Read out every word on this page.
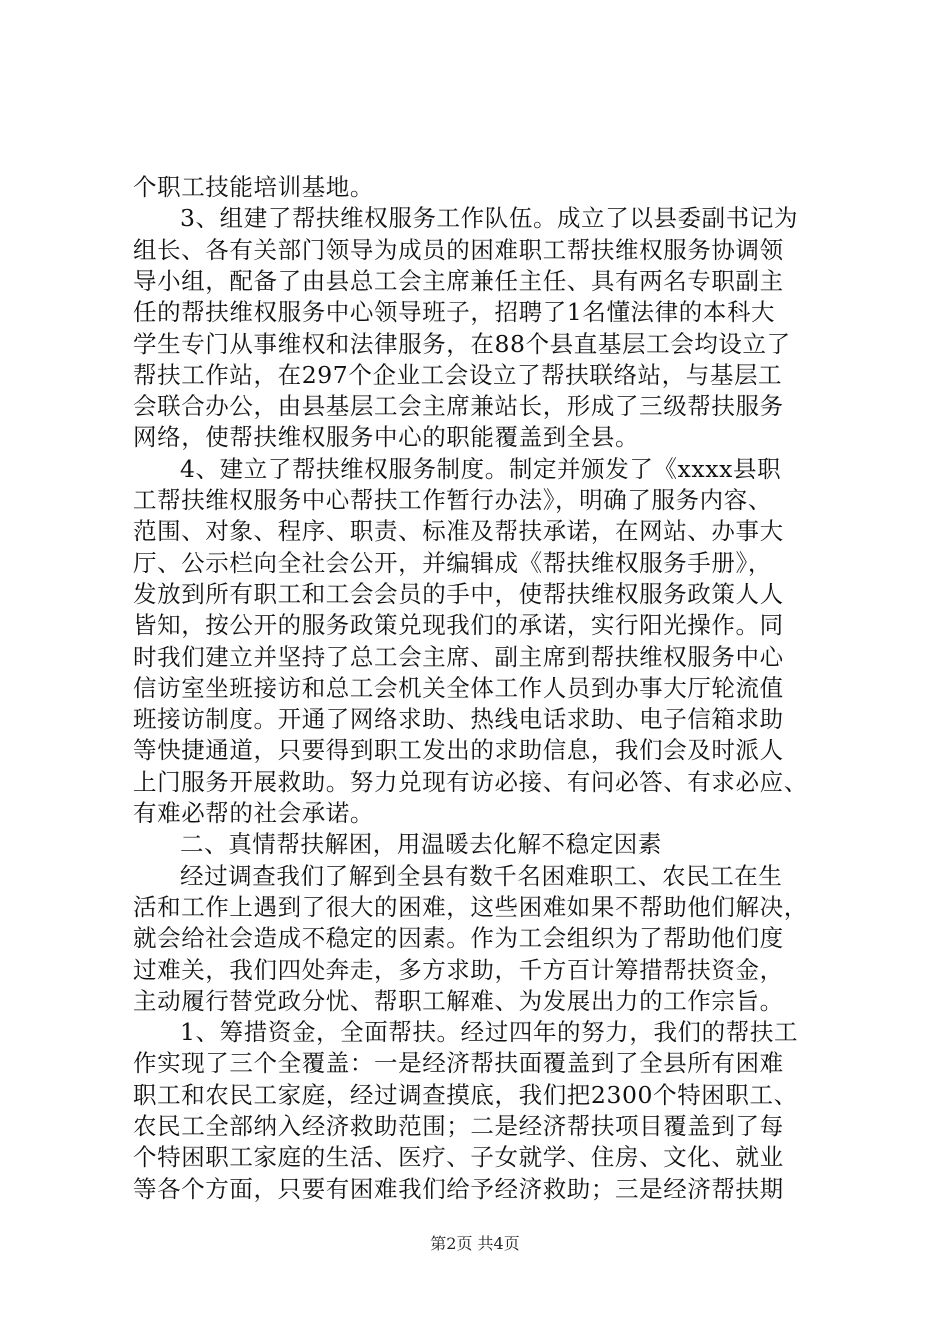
个职工技能培训基地。
3、组建了帮扶维权服务工作队伍。成立了以县委副书记为
组长、各有关部门领导为成员的困难职工帮扶维权服务协调领
导小组，配备了由县总工会主席兼任主任、具有两名专职副主
任的帮扶维权服务中心领导班子，招聘了1名懂法律的本科大
学生专门从事维权和法律服务，在88个县直基层工会均设立了
帮扶工作站，在297个企业工会设立了帮扶联络站，与基层工
会联合办公，由县基层工会主席兼站长，形成了三级帮扶服务
网络，使帮扶维权服务中心的职能覆盖到全县。
4、建立了帮扶维权服务制度。制定并颁发了《xxxx县职
工帮扶维权服务中心帮扶工作暂行办法》，明确了服务内容、
范围、对象、程序、职责、标准及帮扶承诺，在网站、办事大
厅、公示栏向全社会公开，并编辑成《帮扶维权服务手册》，
发放到所有职工和工会会员的手中，使帮扶维权服务政策人人
皆知，按公开的服务政策兑现我们的承诺，实行阳光操作。同
时我们建立并坚持了总工会主席、副主席到帮扶维权服务中心
信访室坐班接访和总工会机关全体工作人员到办事大厅轮流值
班接访制度。开通了网络求助、热线电话求助、电子信箱求助
等快捷通道，只要得到职工发出的求助信息，我们会及时派人
上门服务开展救助。努力兑现有访必接、有问必答、有求必应、
有难必帮的社会承诺。
二、真情帮扶解困，用温暖去化解不稳定因素
经过调查我们了解到全县有数千名困难职工、农民工在生
活和工作上遇到了很大的困难，这些困难如果不帮助他们解决，
就会给社会造成不稳定的因素。作为工会组织为了帮助他们度
过难关，我们四处奔走，多方求助，千方百计筹措帮扶资金，
主动履行替党政分忧、帮职工解难、为发展出力的工作宗旨。
1、筹措资金，全面帮扶。经过四年的努力，我们的帮扶工
作实现了三个全覆盖：一是经济帮扶面覆盖到了全县所有困难
职工和农民工家庭，经过调查摸底，我们把2300个特困职工、
农民工全部纳入经济救助范围；二是经济帮扶项目覆盖到了每
个特困职工家庭的生活、医疗、子女就学、住房、文化、就业
等各个方面，只要有困难我们给予经济救助；三是经济帮扶期
第2页 共4页
